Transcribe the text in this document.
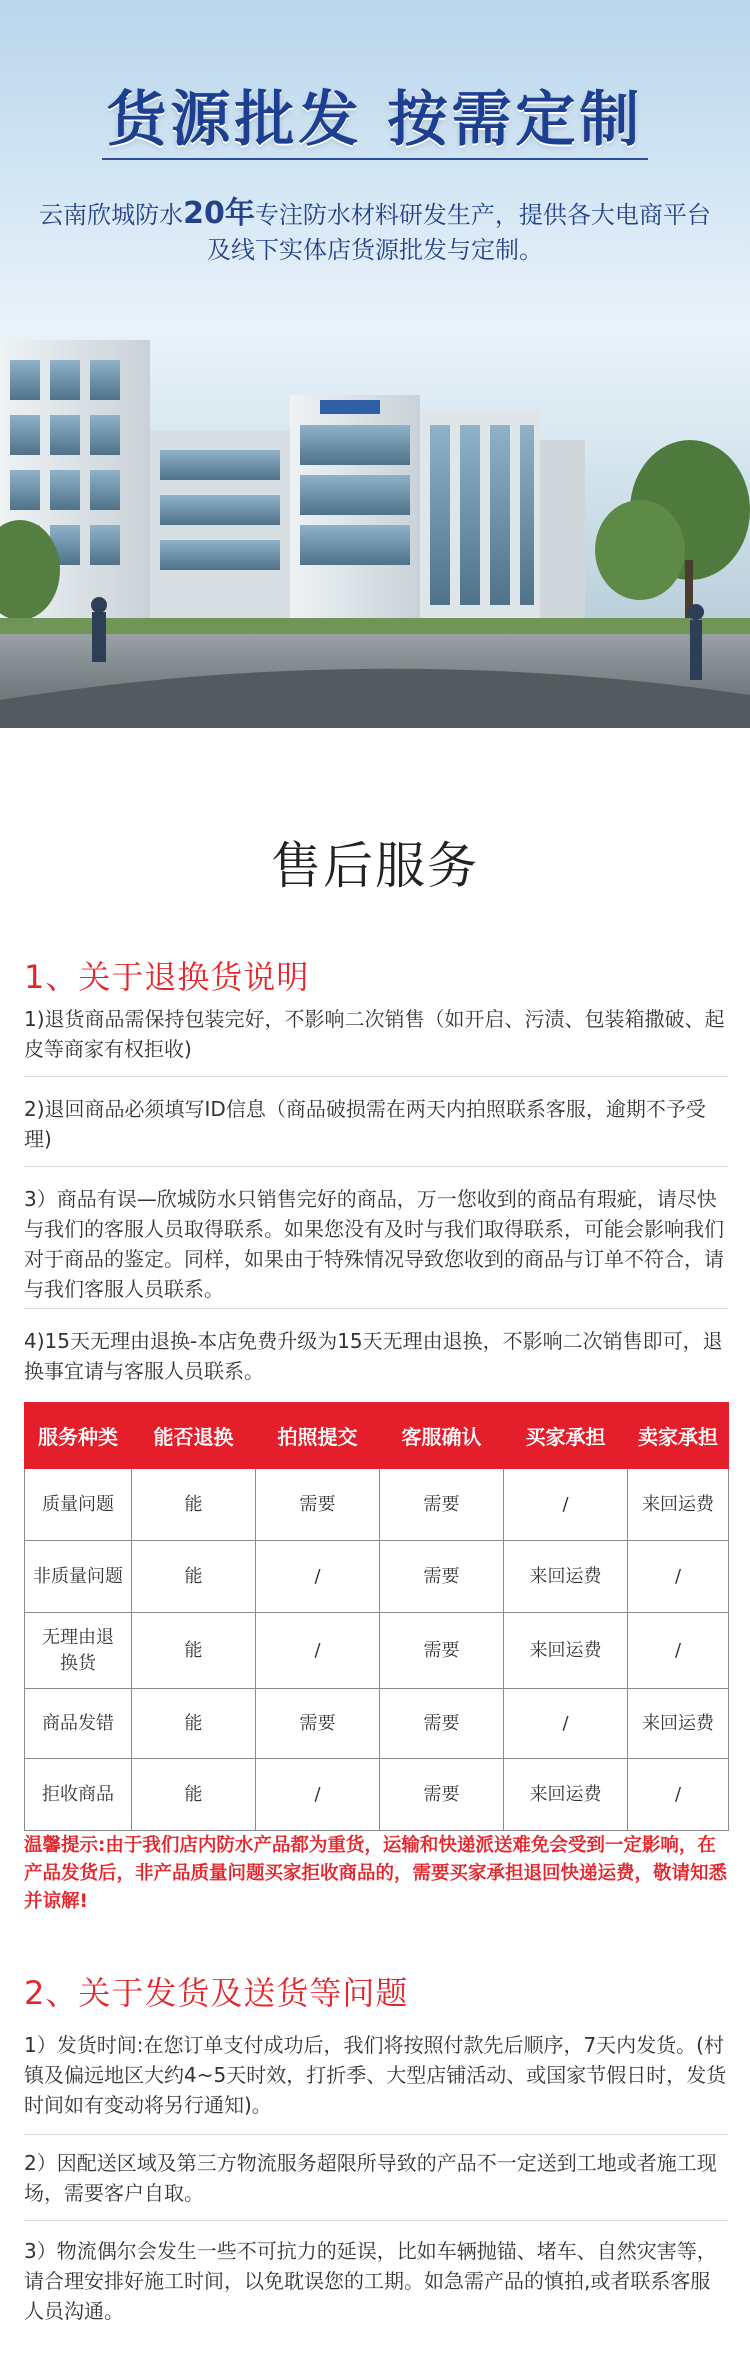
货源批发 按需定制
云南欣城防水20年专注防水材料研发生产，提供各大电商平台
及线下实体店货源批发与定制。
售后服务
1、关于退换货说明
1)退货商品需保持包装完好，不影响二次销售（如开启、污渍、包装箱撒破、起皮等商家有权拒收)
2)退回商品必须填写ID信息（商品破损需在两天内拍照联系客服，逾期不予受理)
3）商品有误—欣城防水只销售完好的商品，万一您收到的商品有瑕疵，请尽快与我们的客服人员取得联系。如果您没有及时与我们取得联系，可能会影响我们对于商品的鉴定。同样，如果由于特殊情况导致您收到的商品与订单不符合，请与我们客服人员联系。
4)15天无理由退换-本店免费升级为15天无理由退换，不影响二次销售即可，退换事宜请与客服人员联系。
服务种类	能否退换	拍照提交	客服确认	买家承担	卖家承担
质量问题	能	需要	需要	/	来回运费
非质量问题	能	/	需要	来回运费	/
无理由退换货	能	/	需要	来回运费	/
商品发错	能	需要	需要	/	来回运费
拒收商品	能	/	需要	来回运费	/
温馨提示:由于我们店内防水产品都为重货，运输和快递派送难免会受到一定影响，在产品发货后，非产品质量问题买家拒收商品的，需要买家承担退回快递运费，敬请知悉并谅解!
2、关于发货及送货等问题
1）发货时间:在您订单支付成功后，我们将按照付款先后顺序，7天内发货。(村镇及偏远地区大约4~5天时效，打折季、大型店铺活动、或国家节假日时，发货时间如有变动将另行通知)。
2）因配送区域及第三方物流服务超限所导致的产品不一定送到工地或者施工现场，需要客户自取。
3）物流偶尔会发生一些不可抗力的延误，比如车辆抛锚、堵车、自然灾害等，请合理安排好施工时间，以免耽误您的工期。如急需产品的慎拍,或者联系客服人员沟通。
